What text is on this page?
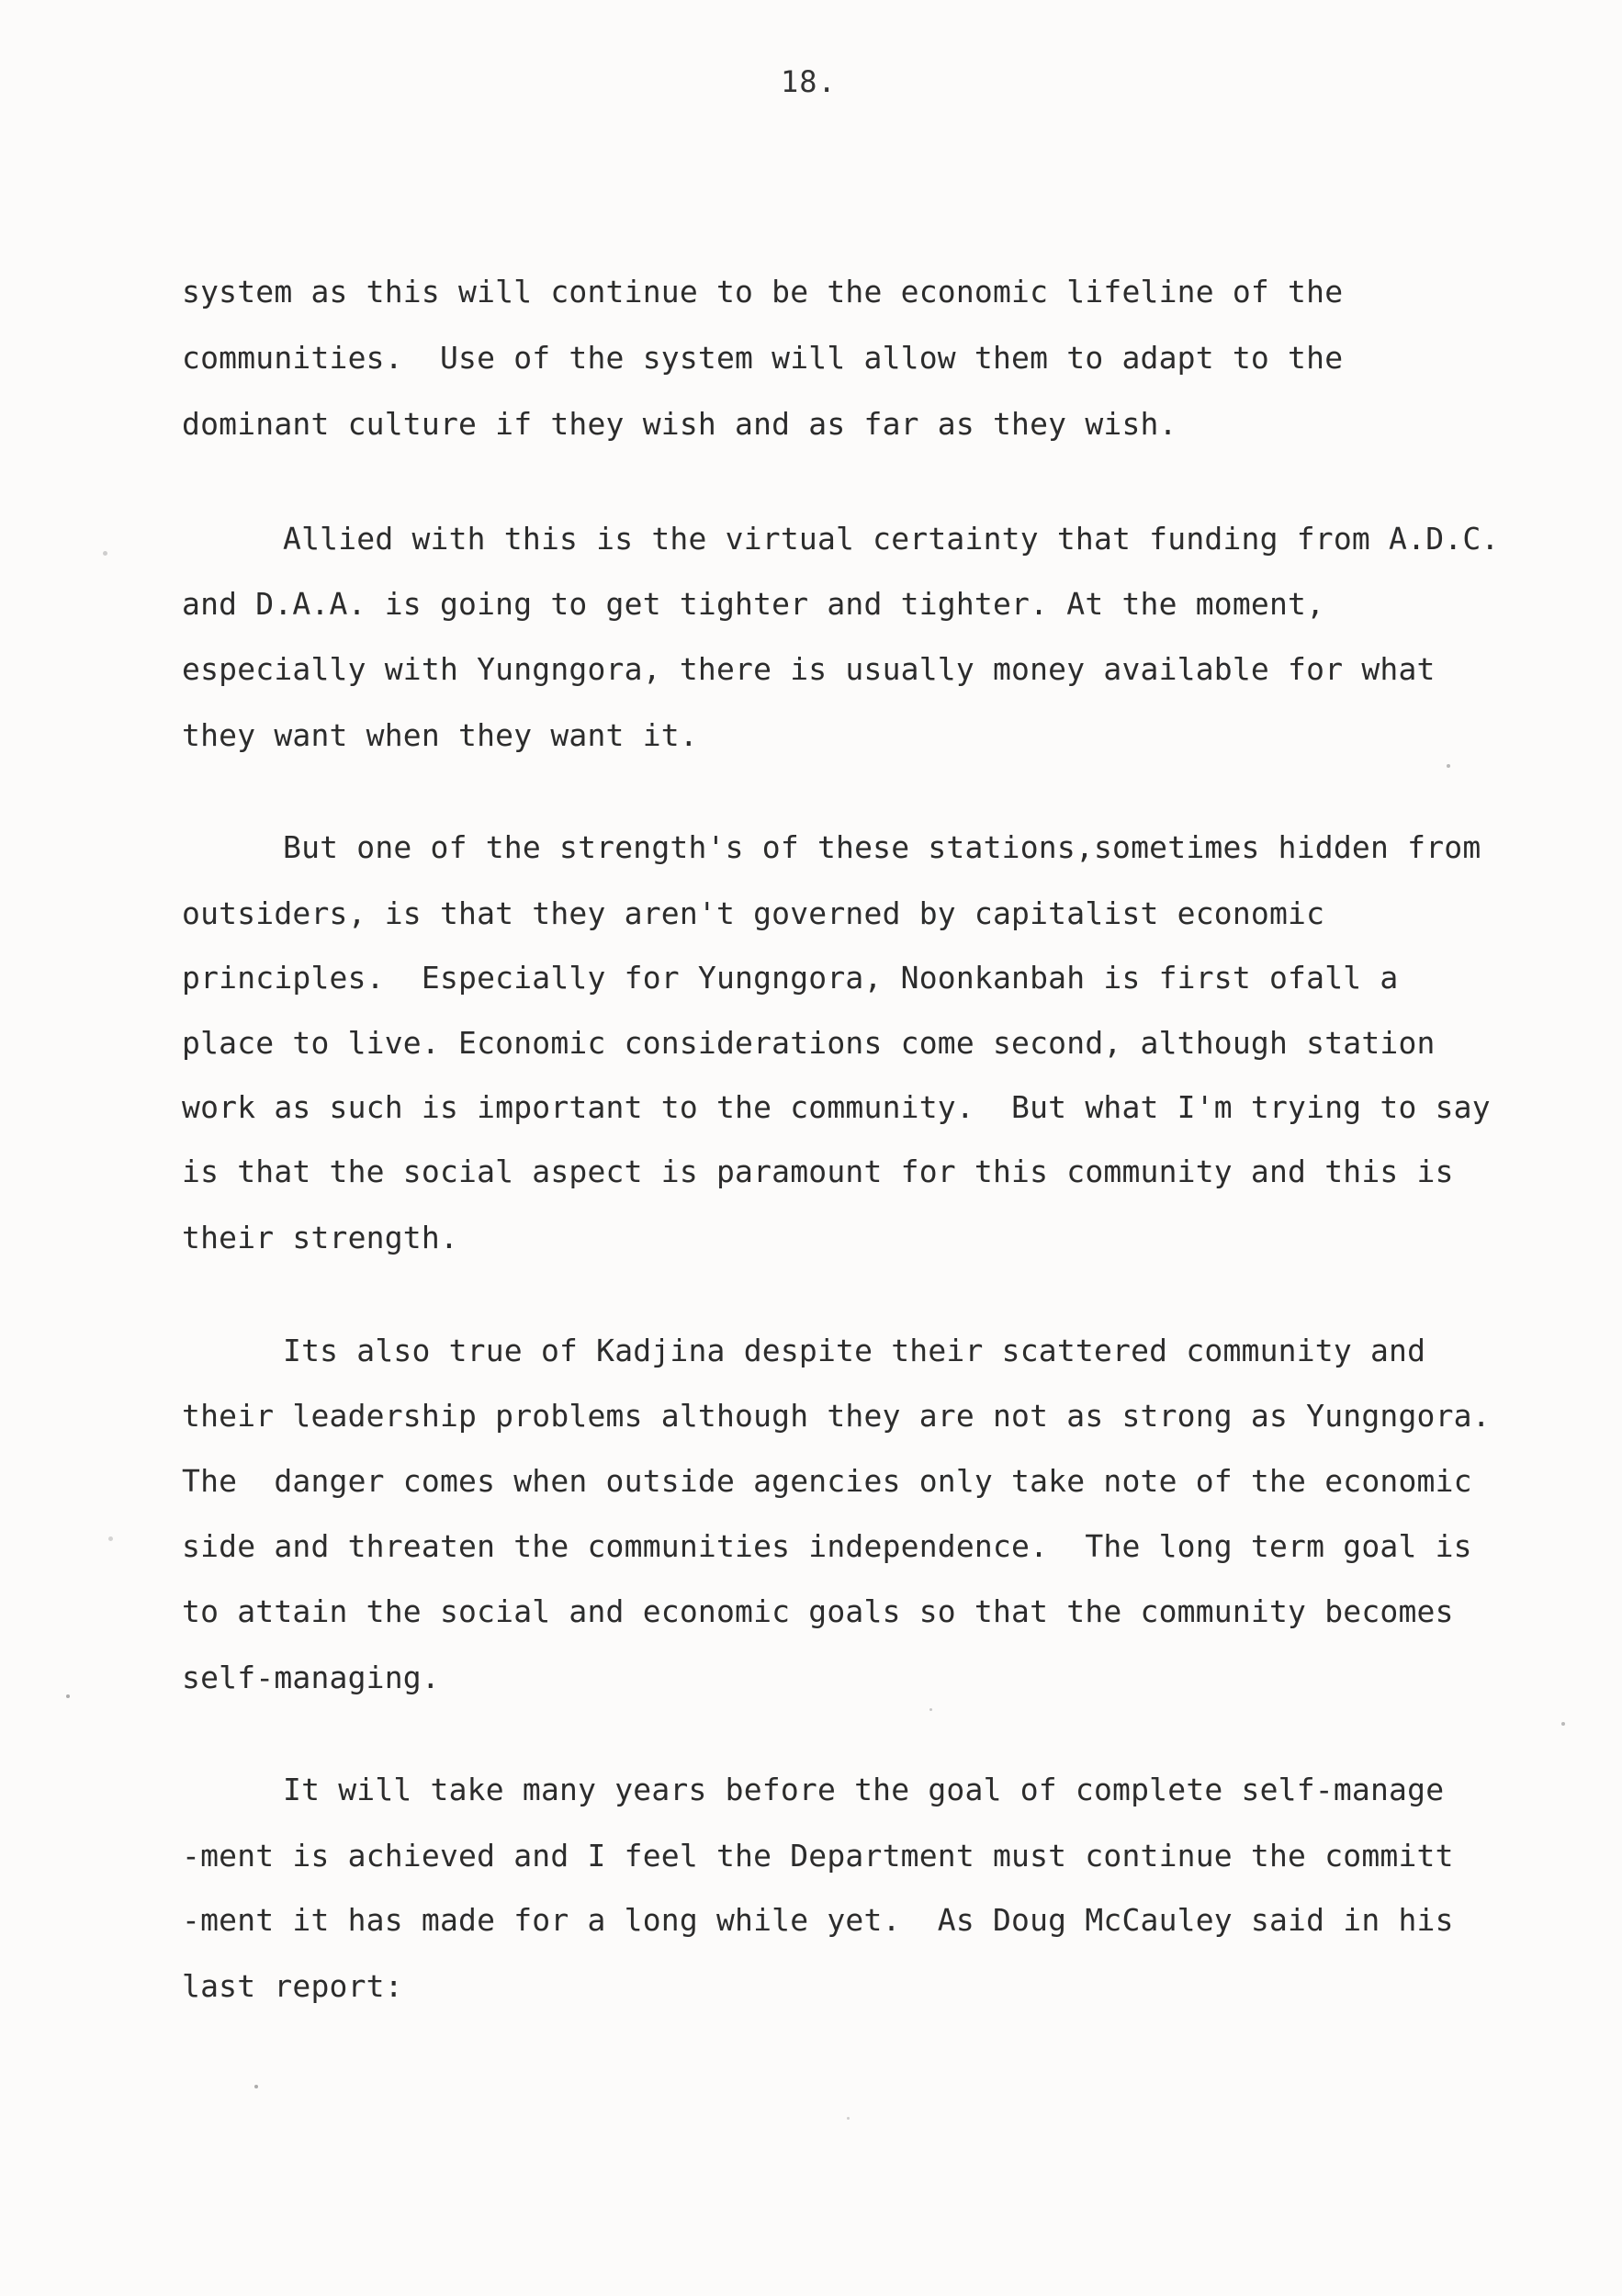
18.
system as this will continue to be the economic lifeline of the
communities.  Use of the system will allow them to adapt to the
dominant culture if they wish and as far as they wish.
Allied with this is the virtual certainty that funding from A.D.C.
and D.A.A. is going to get tighter and tighter. At the moment,
especially with Yungngora, there is usually money available for what
they want when they want it.
But one of the strength's of these stations,sometimes hidden from
outsiders, is that they aren't governed by capitalist economic
principles.  Especially for Yungngora, Noonkanbah is first ofall a
place to live. Economic considerations come second, although station
work as such is important to the community.  But what I'm trying to say
is that the social aspect is paramount for this community and this is
their strength.
Its also true of Kadjina despite their scattered community and
their leadership problems although they are not as strong as Yungngora.
The  danger comes when outside agencies only take note of the economic
side and threaten the communities independence.  The long term goal is
to attain the social and economic goals so that the community becomes
self-managing.
It will take many years before the goal of complete self-manage
-ment is achieved and I feel the Department must continue the committ
-ment it has made for a long while yet.  As Doug McCauley said in his
last report:
